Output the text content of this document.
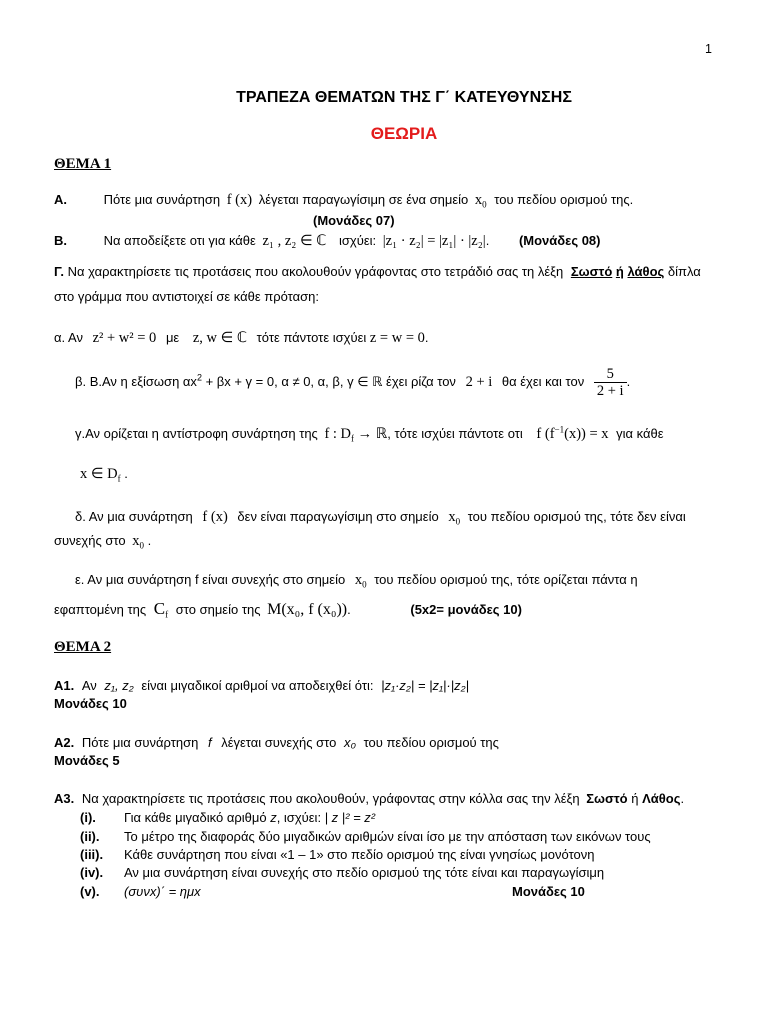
1
ΤΡΑΠΕΖΑ ΘΕΜΑΤΩΝ ΤΗΣ Γ΄ ΚΑΤΕΥΘΥΝΣΗΣ
ΘΕΩΡΙΑ
ΘΕΜΑ 1
Α.	Πότε μια συνάρτηση f (x) λέγεται παραγωγίσιμη σε ένα σημείο $x_0$ του πεδίου ορισμού της.
(Μονάδες 07)
Β.	Να αποδείξετε οτι για κάθε z₁ , z₂ ∈ ℂ ισχύει: |z₁ · z₂| = |z₁| · |z₂|. (Μονάδες 08)
Γ. Να χαρακτηρίσετε τις προτάσεις που ακολουθούν γράφοντας στο τετράδιό σας τη λέξη Σωστό ή λάθος δίπλα
στο γράμμα που αντιστοιχεί σε κάθε πρόταση:
α. Αν z² + w² = 0 με z, w ∈ ℂ τότε πάντοτε ισχύει z = w = 0.
β. Β.Αν η εξίσωση $\alpha x^2 + \beta x + \gamma = 0$, α ≠ 0, α, β, γ ∈ ℝ έχει ρίζα τον 2 + i θα έχει και τον $\frac{5}{2 + i}$ .
γ.Αν ορίζεται η αντίστροφη συνάρτηση της f : $D_f$ → ℝ, τότε ισχύει πάντοτε οτι f $(f^{-1}(x)) = x$ για κάθε
x ∈ $D_f$ .
δ. Αν μια συνάρτηση f (x) δεν είναι παραγωγίσιμη στο σημείο $x_0$ του πεδίου ορισμού της, τότε δεν είναι
συνεχής στο $x_0$ .
ε. Αν μια συνάρτηση f είναι συνεχής στο σημείο $x_0$ του πεδίου ορισμού της, τότε ορίζεται πάντα η
εφαπτομένη της $C_f$ στο σημείο της M(x₀, f (x₀)).	(5x2= μονάδες 10)
ΘΕΜΑ 2
Α1. Αν z₁, z₂ είναι μιγαδικοί αριθμοί να αποδειχθεί ότι: |z₁·z₂| = |z₁|·|z₂|
Μονάδες 10
Α2. Πότε μια συνάρτηση f λέγεται συνεχής στο x₀ του πεδίου ορισμού της
Μονάδες 5
Α3. Να χαρακτηρίσετε τις προτάσεις που ακολουθούν, γράφοντας στην κόλλα σας την λέξη Σωστό ή Λάθος.
(i). Για κάθε μιγαδικό αριθμό z, ισχύει: | z |² = z²
(ii). Το μέτρο της διαφοράς δύο μιγαδικών αριθμών είναι ίσο με την απόσταση των εικόνων τους
(iii). Κάθε συνάρτηση που είναι «1 – 1» στο πεδίο ορισμού της είναι γνησίως μονότονη
(iv). Αν μια συνάρτηση είναι συνεχής στο πεδίο ορισμού της τότε είναι και παραγωγίσιμη
(v). (συνx)΄ = ημx	Μονάδες 10
